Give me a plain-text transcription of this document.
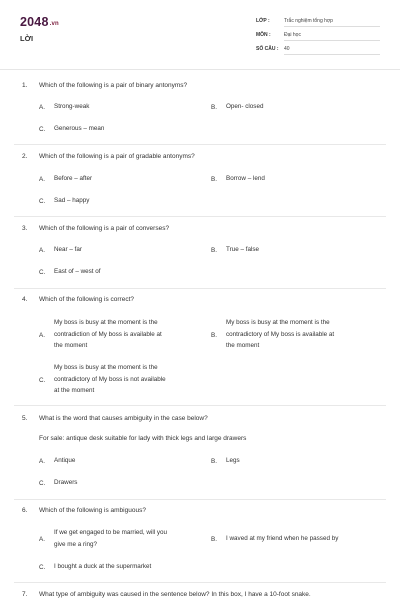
2048.vn
LỜI
LỚP :	Trắc nghiệm tổng hợp
MÔN :	Đại học
SỐ CÂU :	40
1. Which of the following is a pair of binary antonyms?
A. Strong-weak	B. Open- closed
C. Generous – mean
2. Which of the following is a pair of gradable antonyms?
A. Before – after	B. Borrow – lend
C. Sad – happy
3. Which of the following is a pair of converses?
A. Near – far	B. True – false
C. East of – west of
4. Which of the following is correct?
A.
My boss is busy at the moment is the
contradiction of My boss is available at
the moment
B.
My boss is busy at the moment is the
contradictory of My boss is available at
the moment
C.
My boss is busy at the moment is the
contradictory of My boss is not available
at the moment
5. What is the word that causes ambiguity in the case below?
For sale: antique desk suitable for lady with thick legs and large drawers
A. Antique	B. Legs
C. Drawers
6. Which of the following is ambiguous?
A.
If we get engaged to be married, will you
give me a ring?
B. I waved at my friend when he passed by
C. I bought a duck at the supermarket
7. What type of ambiguity was caused in the sentence below? In this box, I have a 10-foot snake.
